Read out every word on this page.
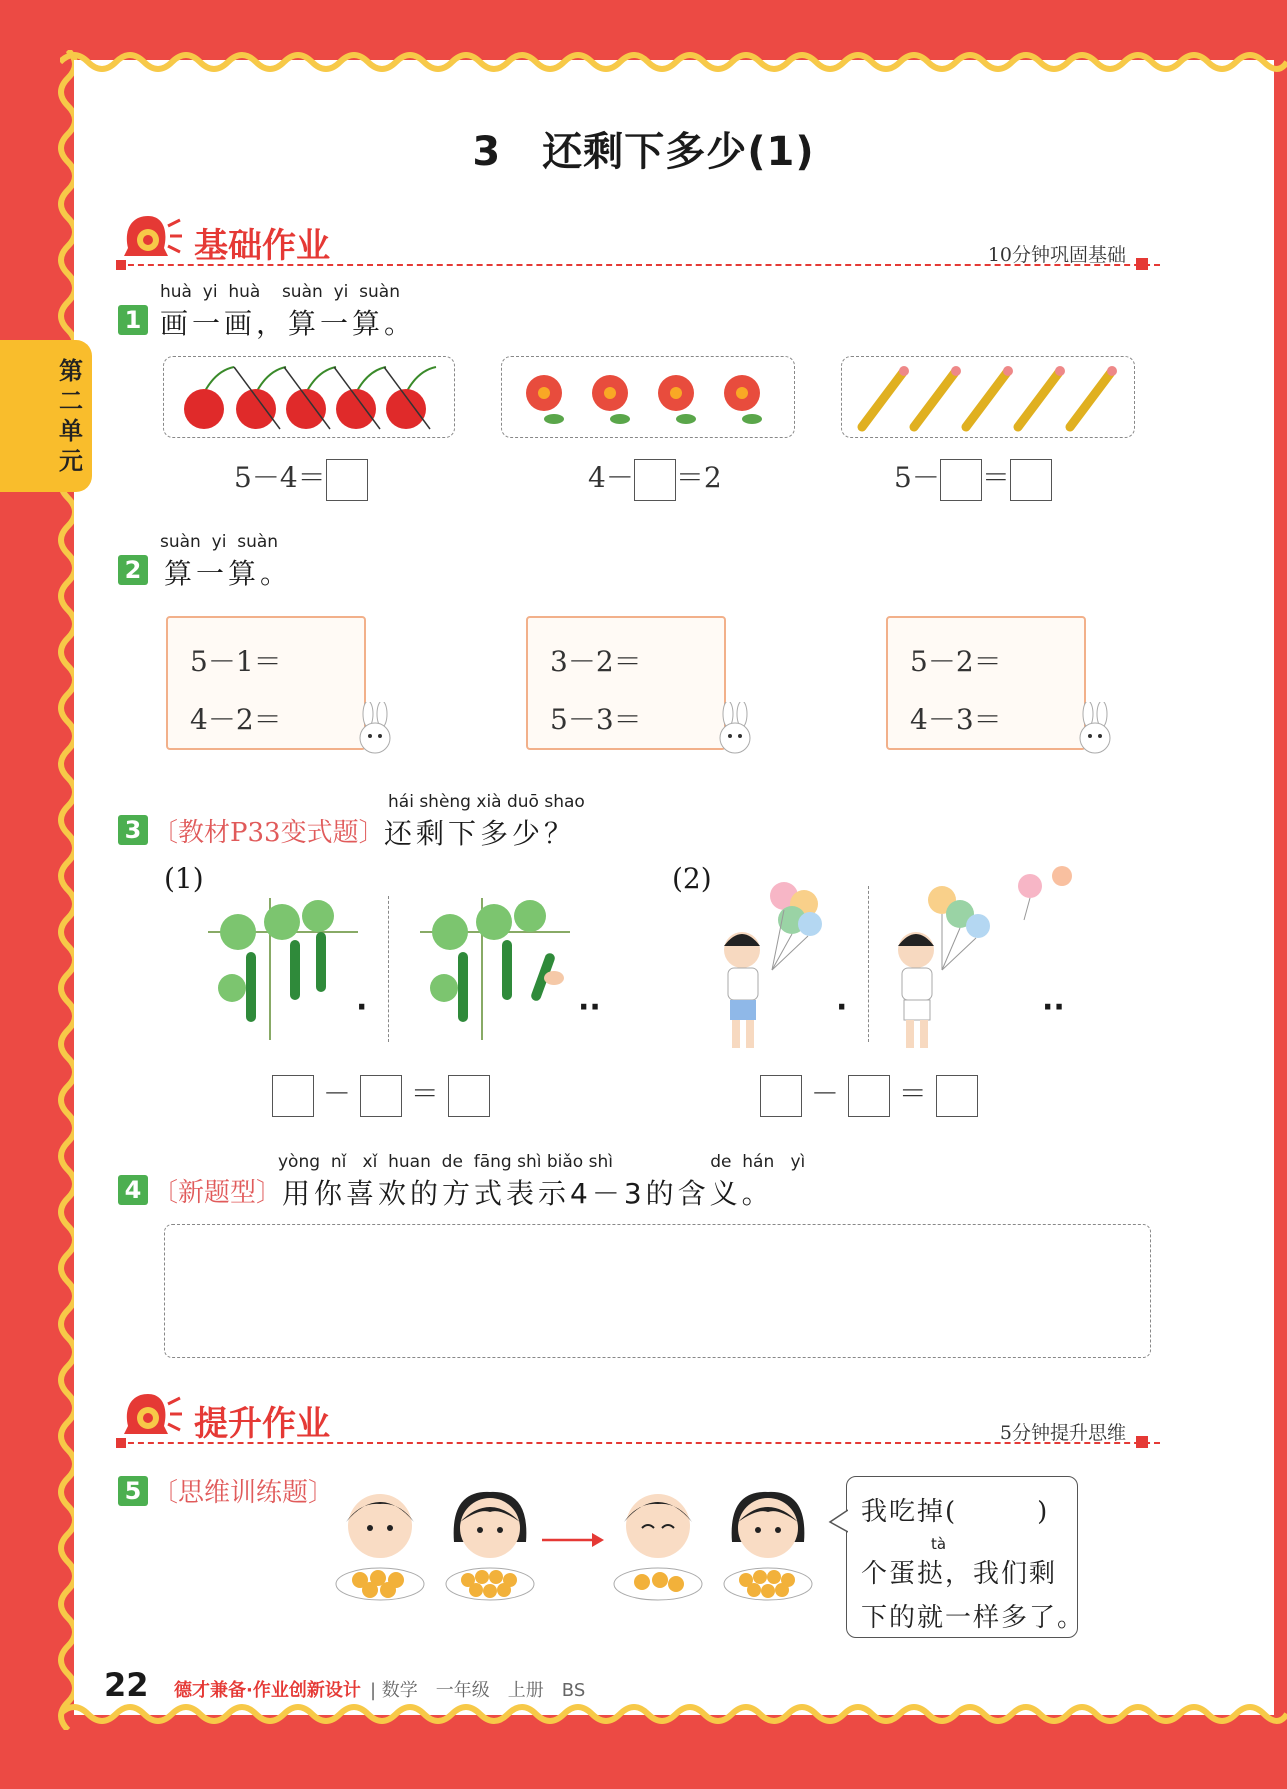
第二单元
3　还剩下多少(1)
基础作业	10分钟巩固基础
huà  yi  huà    suàn  yi  suàn
1 画一画，算一算。
5－4＝	4－ ＝2	5－ ＝
suàn  yi  suàn
2 算一算。
5－1＝
4－2＝
3－2＝
5－3＝
5－2＝
4－3＝
hái shèng xià duō shao
3 〔教材P33变式题〕 还剩下多少？
(1)	(2)
·	··
－ ＝
·	··
－ ＝
yòng  nǐ   xǐ  huan  de  fāng shì biǎo shì                  de  hán   yì
4 〔新题型〕 用你喜欢的方式表示4－3的含义。
提升作业	5分钟提升思维
5 〔思维训练题〕
我吃掉(	)
tà
个蛋挞，我们剩
下的就一样多了。
22 德才兼备·作业创新设计 | 数学　一年级　上册　BS
